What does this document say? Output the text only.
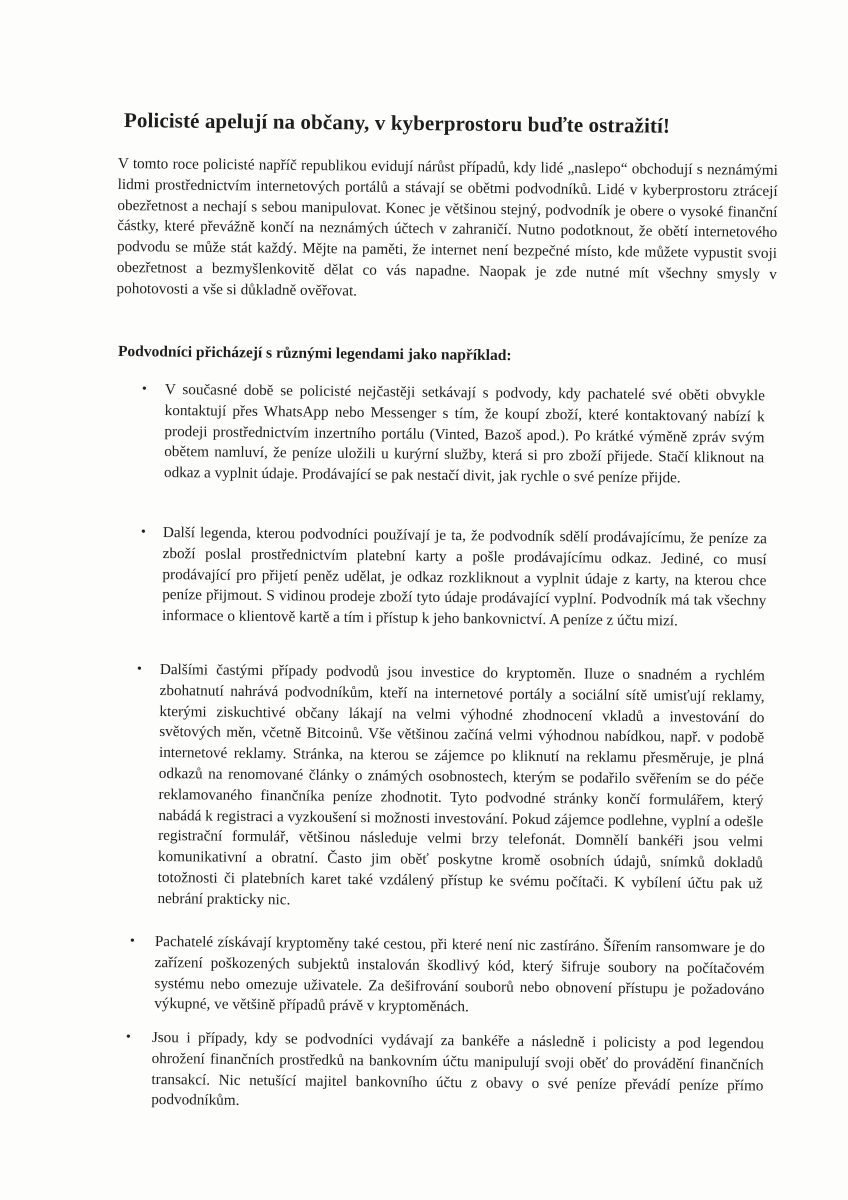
Policisté apelují na občany, v kyberprostoru buďte ostražití!

V tomto roce policisté napříč republikou evidují nárůst případů, kdy lidé „naslepo“ obchodují s neznámými lidmi prostřednictvím internetových portálů a stávají se obětmi podvodníků. Lidé v kyberprostoru ztrácejí obezřetnost a nechají s sebou manipulovat. Konec je většinou stejný, podvodník je obere o vysoké finanční částky, které převážně končí na neznámých účtech v zahraničí. Nutno podotknout, že obětí internetového podvodu se může stát každý. Mějte na paměti, že internet není bezpečné místo, kde můžete vypustit svoji obezřetnost a bezmyšlenkovitě dělat co vás napadne. Naopak je zde nutné mít všechny smysly v pohotovosti a vše si důkladně ověřovat.

Podvodníci přicházejí s různými legendami jako například:
• V současné době se policisté nejčastěji setkávají s podvody, kdy pachatelé své oběti obvykle kontaktují přes WhatsApp nebo Messenger s tím, že koupí zboží, které kontaktovaný nabízí k prodeji prostřednictvím inzertního portálu (Vinted, Bazoš apod.). Po krátké výměně zpráv svým obětem namluví, že peníze uložili u kurýrní služby, která si pro zboží přijede. Stačí kliknout na odkaz a vyplnit údaje. Prodávající se pak nestačí divit, jak rychle o své peníze přijde.
• Další legenda, kterou podvodníci používají je ta, že podvodník sdělí prodávajícímu, že peníze za zboží poslal prostřednictvím platební karty a pošle prodávajícímu odkaz. Jediné, co musí prodávající pro přijetí peněz udělat, je odkaz rozkliknout a vyplnit údaje z karty, na kterou chce peníze přijmout. S vidinou prodeje zboží tyto údaje prodávající vyplní. Podvodník má tak všechny informace o klientově kartě a tím i přístup k jeho bankovnictví. A peníze z účtu mizí.
• Dalšími častými případy podvodů jsou investice do kryptoměn. Iluze o snadném a rychlém zbohatnutí nahrává podvodníkům, kteří na internetové portály a sociální sítě umisťují reklamy, kterými ziskuchtivé občany lákají na velmi výhodné zhodnocení vkladů a investování do světových měn, včetně Bitcoinů. Vše většinou začíná velmi výhodnou nabídkou, např. v podobě internetové reklamy. Stránka, na kterou se zájemce po kliknutí na reklamu přesměruje, je plná odkazů na renomované články o známých osobnostech, kterým se podařilo svěřením se do péče reklamovaného finančníka peníze zhodnotit. Tyto podvodné stránky končí formulářem, který nabádá k registraci a vyzkoušení si možnosti investování. Pokud zájemce podlehne, vyplní a odešle registrační formulář, většinou následuje velmi brzy telefonát. Domnělí bankéři jsou velmi komunikativní a obratní. Často jim oběť poskytne kromě osobních údajů, snímků dokladů totožnosti či platebních karet také vzdálený přístup ke svému počítači. K vybílení účtu pak už nebrání prakticky nic.
• Pachatelé získávají kryptoměny také cestou, při které není nic zastíráno. Šířením ransomware je do zařízení poškozených subjektů instalován škodlivý kód, který šifruje soubory na počítačovém systému nebo omezuje uživatele. Za dešifrování souborů nebo obnovení přístupu je požadováno výkupné, ve většině případů právě v kryptoměnách.
• Jsou i případy, kdy se podvodníci vydávají za bankéře a následně i policisty a pod legendou ohrožení finančních prostředků na bankovním účtu manipulují svoji oběť do provádění finančních transakcí. Nic netušící majitel bankovního účtu z obavy o své peníze převádí peníze přímo podvodníkům.
